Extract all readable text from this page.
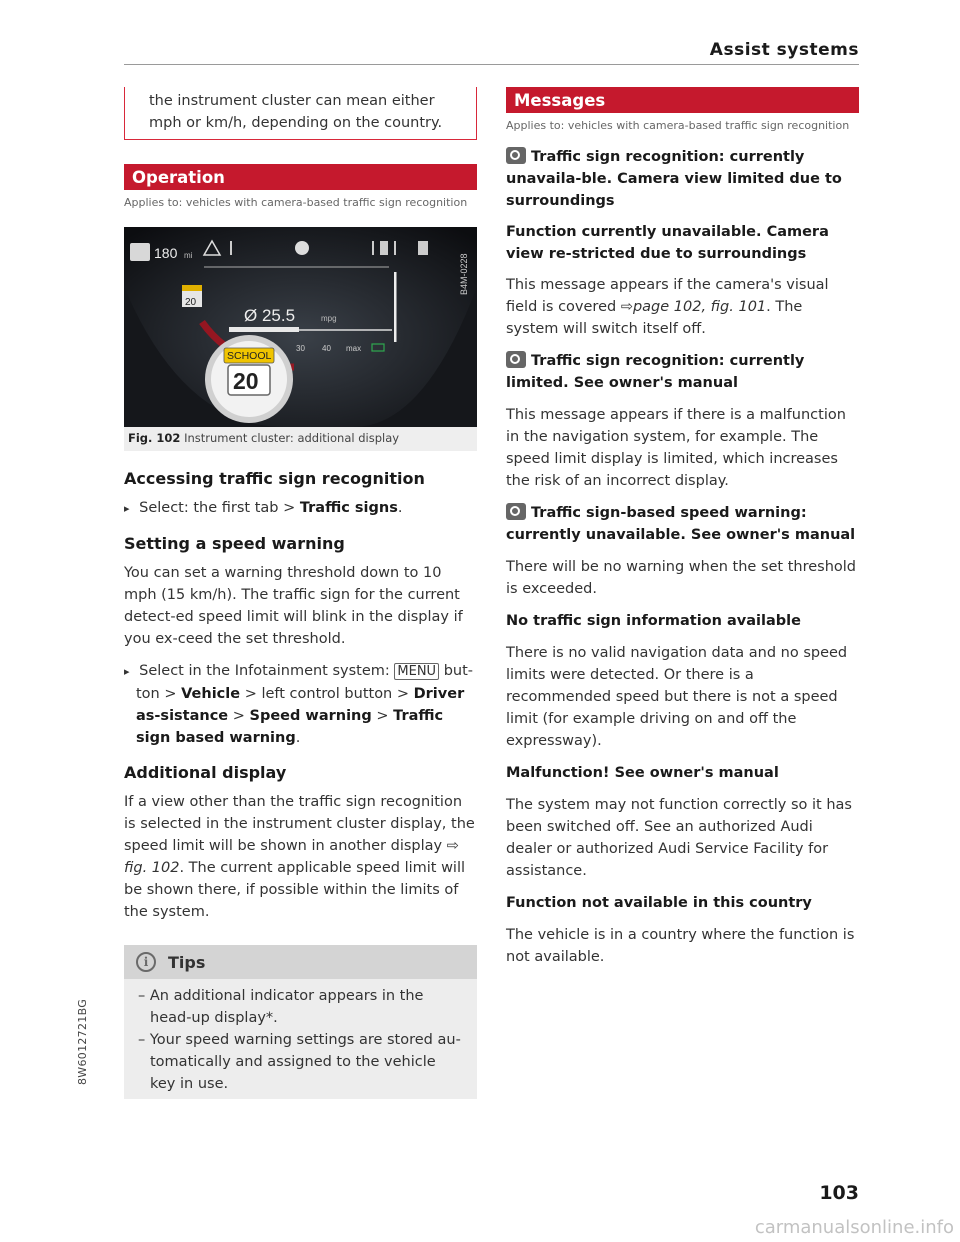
Assist systems
the instrument cluster can mean either mph or km/h, depending on the country.
Operation
Applies to: vehicles with camera-based traffic sign recognition
180 mi	B4M-0228
20
Ø 25.5	mpg
30 40 max
SCHOOL
20
Fig. 102 Instrument cluster: additional display
Accessing traffic sign recognition
▸ Select: the first tab > Traffic signs.
Setting a speed warning
You can set a warning threshold down to 10 mph (15 km/h). The traffic sign for the current detect-ed speed limit will blink in the display if you ex-ceed the set threshold.
▸ Select in the Infotainment system: MENU but-ton > Vehicle > left control button > Driver as-sistance > Speed warning > Traffic sign based warning.
Additional display
If a view other than the traffic sign recognition is selected in the instrument cluster display, the speed limit will be shown in another display ⇨ fig. 102. The current applicable speed limit will be shown there, if possible within the limits of the system.
i	Tips
– An additional indicator appears in the head-up display*.
– Your speed warning settings are stored au-tomatically and assigned to the vehicle key in use.
Messages
Applies to: vehicles with camera-based traffic sign recognition
Traffic sign recognition: currently unavaila-ble. Camera view limited due to surroundings
Function currently unavailable. Camera view re-stricted due to surroundings
This message appears if the camera's visual field is covered ⇨page 102, fig. 101. The system will switch itself off.
Traffic sign recognition: currently limited. See owner's manual
This message appears if there is a malfunction in the navigation system, for example. The speed limit display is limited, which increases the risk of an incorrect display.
Traffic sign-based speed warning: currently unavailable. See owner's manual
There will be no warning when the set threshold is exceeded.
No traffic sign information available
There is no valid navigation data and no speed limits were detected. Or there is a recommended speed but there is not a speed limit (for example driving on and off the expressway).
Malfunction! See owner's manual
The system may not function correctly so it has been switched off. See an authorized Audi dealer or authorized Audi Service Facility for assistance.
Function not available in this country
The vehicle is in a country where the function is not available.
8W6012721BG
103
carmanualsonline.info
